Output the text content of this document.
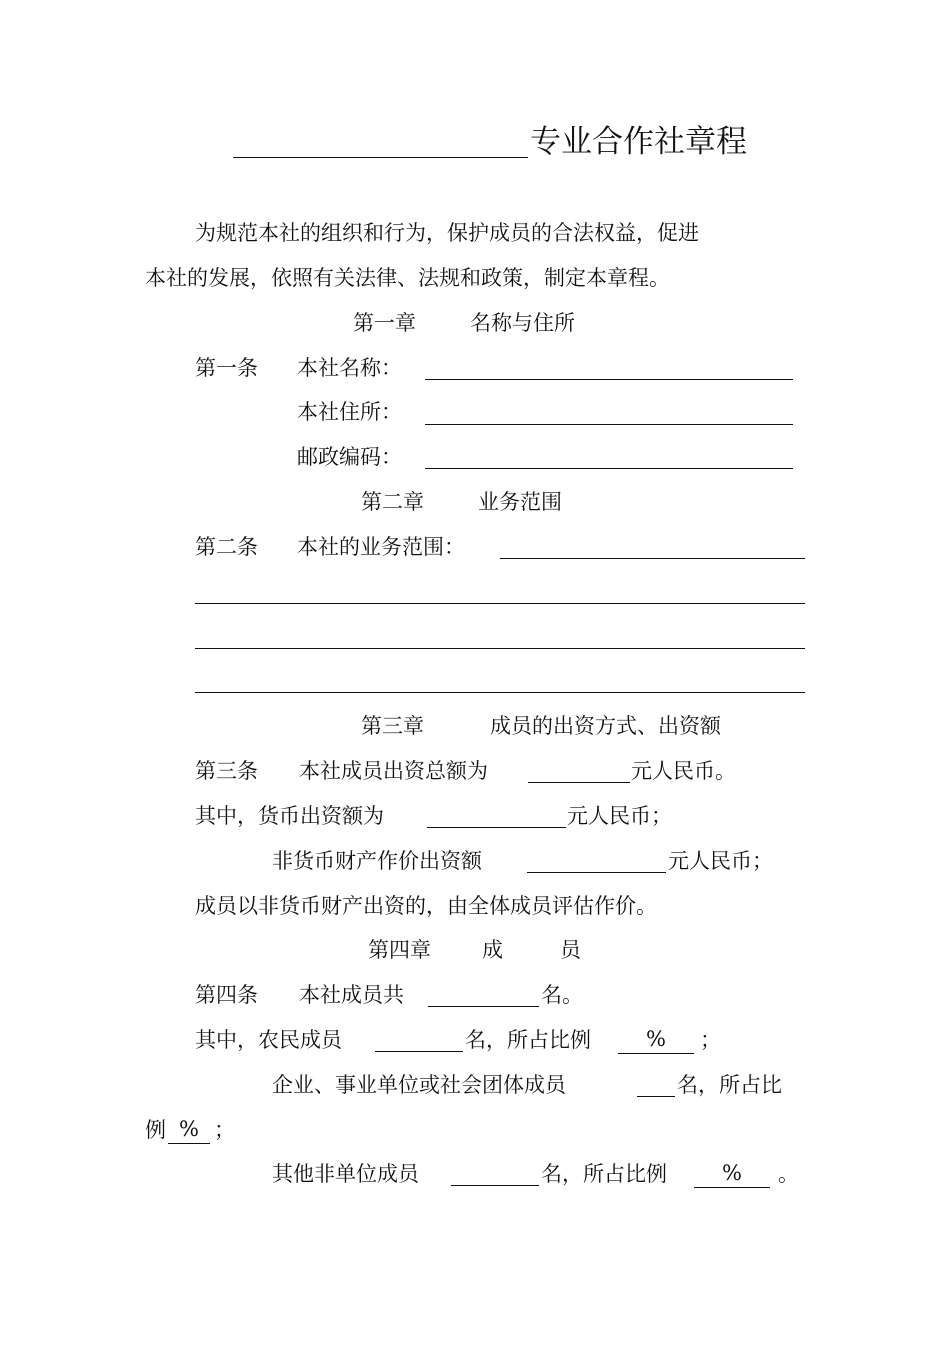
专业合作社章程
为规范本社的组织和行为，保护成员的合法权益，促进
本社的发展，依照有关法律、法规和政策，制定本章程。
第一章	名称与住所
第一条 本社名称：
本社住所：
邮政编码：
第二章	业务范围
第二条 本社的业务范围：
第三章	成员的出资方式、出资额
第三条 本社成员出资总额为	元人民币。
其中，货币出资额为	元人民币；
非货币财产作价出资额	元人民币；
成员以非货币财产出资的，由全体成员评估作价。
第四章 成	员
第四条 本社成员共	名。
其中，农民成员	名，所占比例	%	；
企业、事业单位或社会团体成员	名，所占比
例 % ；
其他非单位成员	名，所占比例	%	。
